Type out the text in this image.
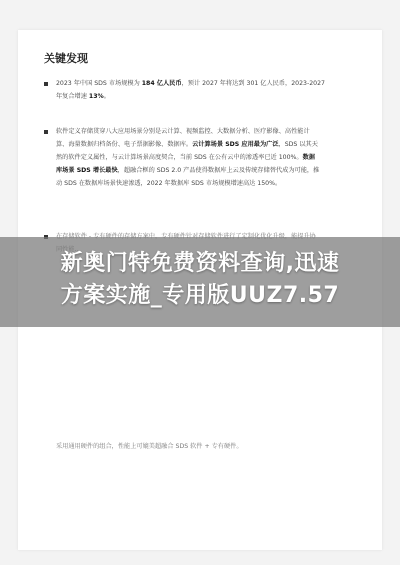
关键发现
2023 年中国 SDS 市场规模为 184 亿人民币，预计 2027 年将达到 301 亿人民币，2023-2027
年复合增速 13%。
软件定义存储贯穿八大应用场景分别是云计算、视频监控、大数据分析、医疗影像、高性能计
算、海量数据归档备份、电子票据影像、数据库。云计算场景 SDS 应用最为广泛，SDS 以其天
然的软件定义属性，与云计算场景高度契合，当前 SDS 在公有云中的渗透率已近 100%。数据
库场景 SDS 增长最快，超融合框的 SDS 2.0 产品使得数据库上云及传统存储替代成为可能，推
动 SDS 在数据库场景快速渗透，2022 年数据库 SDS 市场规模增速高达 150%。
采用通用硬件的组合，性能上可媲美超融合 SDS 软件 + 专有硬件。
新奥门特免费资料查询,迅速
方案实施_专用版UUZ7.57
